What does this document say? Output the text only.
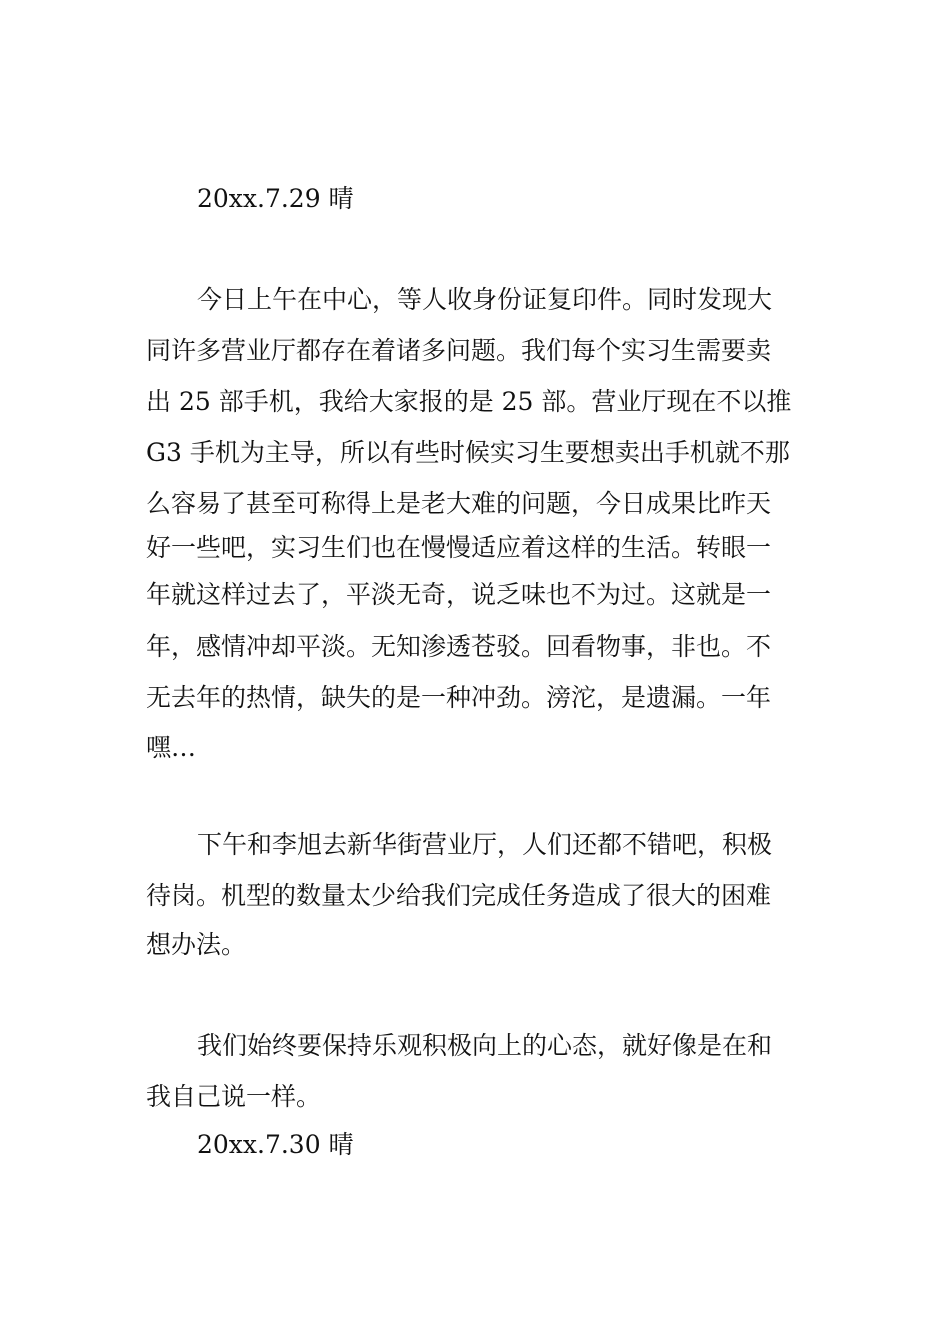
20xx.7.29 晴
今日上午在中心，等人收身份证复印件。同时发现大
同许多营业厅都存在着诸多问题。我们每个实习生需要卖
出 25 部手机，我给大家报的是 25 部。营业厅现在不以推
G3 手机为主导，所以有些时候实习生要想卖出手机就不那
么容易了甚至可称得上是老大难的问题，今日成果比昨天
好一些吧，实习生们也在慢慢适应着这样的生活。转眼一
年就这样过去了，平淡无奇，说乏味也不为过。这就是一
年，感情冲却平淡。无知渗透苍驳。回看物事，非也。不
无去年的热情，缺失的是一种冲劲。滂沱，是遗漏。一年
嘿…
下午和李旭去新华街营业厅，人们还都不错吧，积极
待岗。机型的数量太少给我们完成任务造成了很大的困难
想办法。
我们始终要保持乐观积极向上的心态，就好像是在和
我自己说一样。
20xx.7.30 晴
